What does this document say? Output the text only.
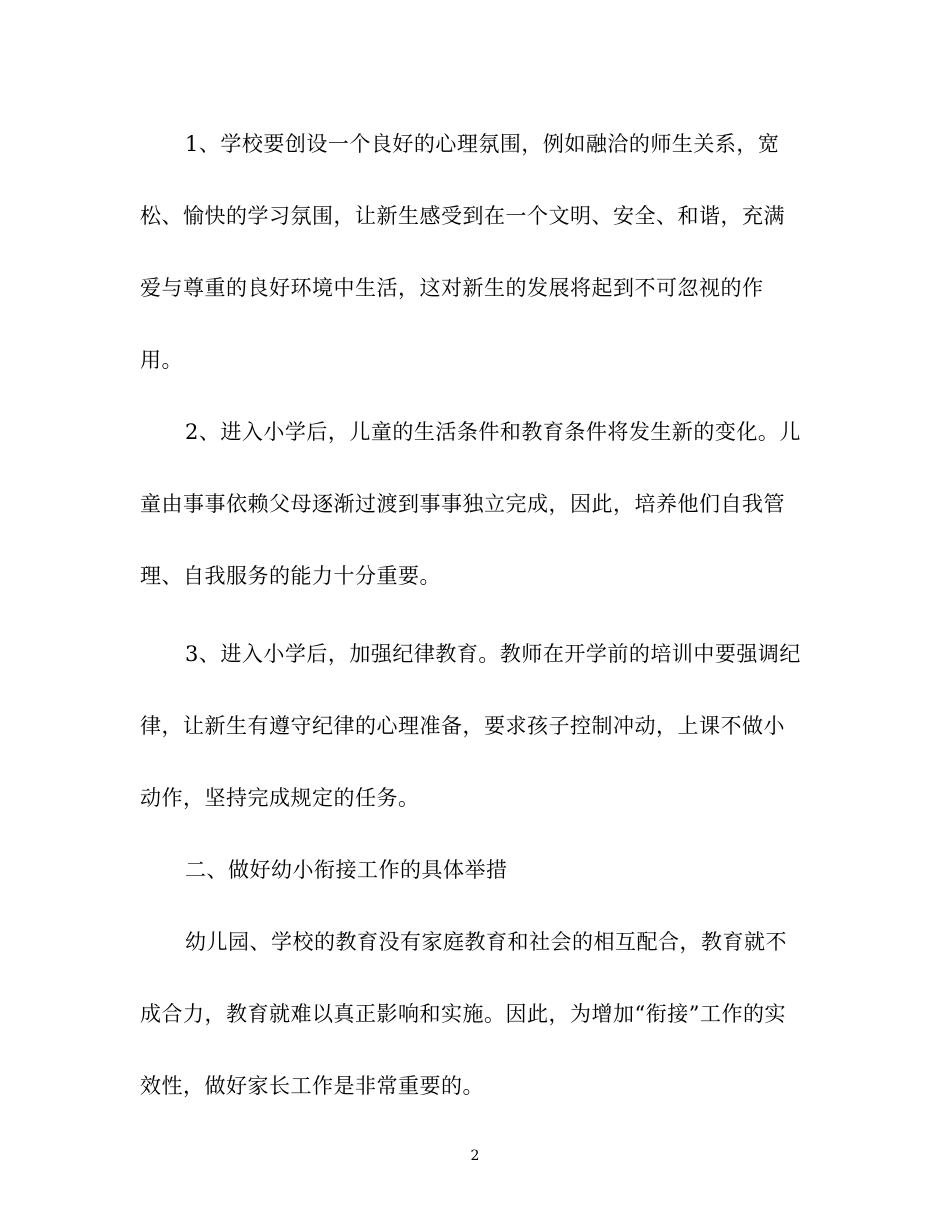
1、学校要创设一个良好的心理氛围，例如融洽的师生关系，宽
松、愉快的学习氛围，让新生感受到在一个文明、安全、和谐，充满
爱与尊重的良好环境中生活，这对新生的发展将起到不可忽视的作
用。
2、进入小学后，儿童的生活条件和教育条件将发生新的变化。儿
童由事事依赖父母逐渐过渡到事事独立完成，因此，培养他们自我管
理、自我服务的能力十分重要。
3、进入小学后，加强纪律教育。教师在开学前的培训中要强调纪
律，让新生有遵守纪律的心理准备，要求孩子控制冲动，上课不做小
动作，坚持完成规定的任务。
二、做好幼小衔接工作的具体举措
幼儿园、学校的教育没有家庭教育和社会的相互配合，教育就不
成合力，教育就难以真正影响和实施。因此，为增加“衔接”工作的实
效性，做好家长工作是非常重要的。
2
